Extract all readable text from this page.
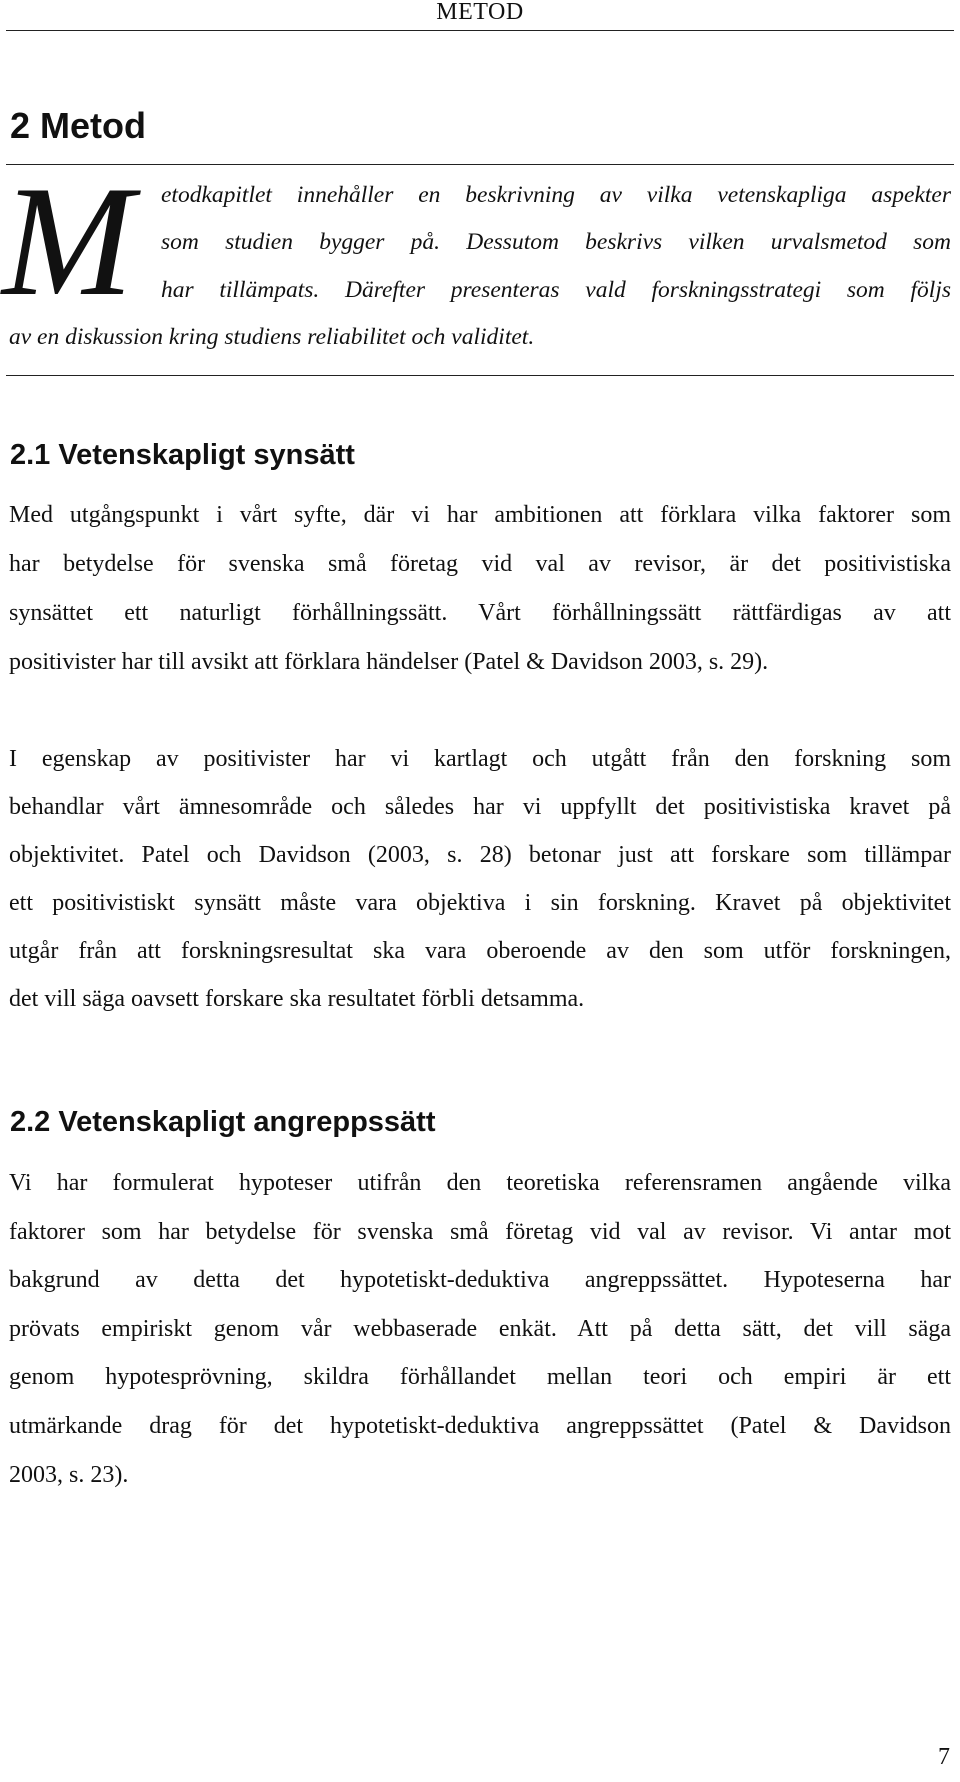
METOD
2 Metod
M etodkapitlet innehåller en beskrivning av vilka vetenskapliga aspekter
som studien bygger på. Dessutom beskrivs vilken urvalsmetod som
har tillämpats. Därefter presenteras vald forskningsstrategi som följs
av en diskussion kring studiens reliabilitet och validitet.
2.1 Vetenskapligt synsätt
Med utgångspunkt i vårt syfte, där vi har ambitionen att förklara vilka faktorer som
har betydelse för svenska små företag vid val av revisor, är det positivistiska
synsättet ett naturligt förhållningssätt. Vårt förhållningssätt rättfärdigas av att
positivister har till avsikt att förklara händelser (Patel & Davidson 2003, s. 29).
I egenskap av positivister har vi kartlagt och utgått från den forskning som
behandlar vårt ämnesområde och således har vi uppfyllt det positivistiska kravet på
objektivitet. Patel och Davidson (2003, s. 28) betonar just att forskare som tillämpar
ett positivistiskt synsätt måste vara objektiva i sin forskning. Kravet på objektivitet
utgår från att forskningsresultat ska vara oberoende av den som utför forskningen,
det vill säga oavsett forskare ska resultatet förbli detsamma.
2.2 Vetenskapligt angreppssätt
Vi har formulerat hypoteser utifrån den teoretiska referensramen angående vilka
faktorer som har betydelse för svenska små företag vid val av revisor. Vi antar mot
bakgrund av detta det hypotetiskt-deduktiva angreppssättet. Hypoteserna har
prövats empiriskt genom vår webbaserade enkät. Att på detta sätt, det vill säga
genom hypotesprövning, skildra förhållandet mellan teori och empiri är ett
utmärkande drag för det hypotetiskt-deduktiva angreppssättet (Patel & Davidson
2003, s. 23).
7
